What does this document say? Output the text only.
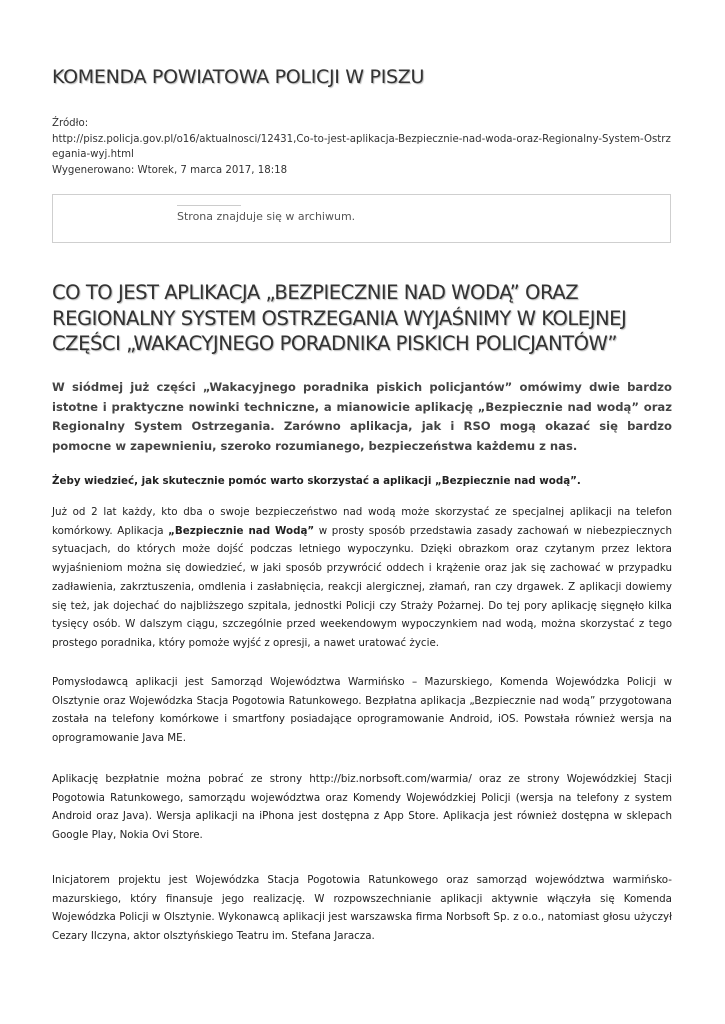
KOMENDA POWIATOWA POLICJI W PISZU
Źródło:
http://pisz.policja.gov.pl/o16/aktualnosci/12431,Co-to-jest-aplikacja-Bezpiecznie-nad-woda-oraz-Regionalny-System-Ostrzegania-wyj.html
Wygenerowano: Wtorek, 7 marca 2017, 18:18
Strona znajduje się w archiwum.
CO TO JEST APLIKACJA „BEZPIECZNIE NAD WODĄ” ORAZ REGIONALNY SYSTEM OSTRZEGANIA WYJAŚNIMY W KOLEJNEJ CZĘŚCI „WAKACYJNEGO PORADNIKA PISKICH POLICJANTÓW”

W siódmej już części „Wakacyjnego poradnika piskich policjantów” omówimy dwie bardzo istotne i praktyczne nowinki techniczne, a mianowicie aplikację „Bezpiecznie nad wodą” oraz Regionalny System Ostrzegania. Zarówno aplikacja, jak i RSO mogą okazać się bardzo pomocne w zapewnieniu, szeroko rozumianego, bezpieczeństwa każdemu z nas.

Żeby wiedzieć, jak skutecznie pomóc warto skorzystać a aplikacji „Bezpiecznie nad wodą”.

Już od 2 lat każdy, kto dba o swoje bezpieczeństwo nad wodą może skorzystać ze specjalnej aplikacji na telefon komórkowy. Aplikacja „Bezpiecznie nad Wodą” w prosty sposób przedstawia zasady zachowań w niebezpiecznych sytuacjach, do których może dojść podczas letniego wypoczynku. Dzięki obrazkom oraz czytanym przez lektora wyjaśnieniom można się dowiedzieć, w jaki sposób przywrócić oddech i krążenie oraz jak się zachować w przypadku zadławienia, zakrztuszenia, omdlenia i zasłabnięcia, reakcji alergicznej, złamań, ran czy drgawek. Z aplikacji dowiemy się też, jak dojechać do najbliższego szpitala, jednostki Policji czy Straży Pożarnej. Do tej pory aplikację sięgnęło kilka tysięcy osób. W dalszym ciągu, szczególnie przed weekendowym wypoczynkiem nad wodą, można skorzystać z tego prostego poradnika, który pomoże wyjść z opresji, a nawet uratować życie.

Pomysłodawcą aplikacji jest Samorząd Województwa Warmińsko – Mazurskiego, Komenda Wojewódzka Policji w Olsztynie oraz Wojewódzka Stacja Pogotowia Ratunkowego. Bezpłatna aplikacja „Bezpiecznie nad wodą” przygotowana została na telefony komórkowe i smartfony posiadające oprogramowanie Android, iOS. Powstała również wersja na oprogramowanie Java ME.

Aplikację bezpłatnie można pobrać ze strony http://biz.norbsoft.com/warmia/ oraz ze strony Wojewódzkiej Stacji Pogotowia Ratunkowego, samorządu województwa oraz Komendy Wojewódzkiej Policji (wersja na telefony z system Android oraz Java). Wersja aplikacji na iPhona jest dostępna z App Store. Aplikacja jest również dostępna w sklepach Google Play, Nokia Ovi Store.

Inicjatorem projektu jest Wojewódzka Stacja Pogotowia Ratunkowego oraz samorząd województwa warmińsko-mazurskiego, który finansuje jego realizację. W rozpowszechnianie aplikacji aktywnie włączyła się Komenda Wojewódzka Policji w Olsztynie. Wykonawcą aplikacji jest warszawska firma Norbsoft Sp. z o.o., natomiast głosu użyczył Cezary Ilczyna, aktor olsztyńskiego Teatru im. Stefana Jaracza.
